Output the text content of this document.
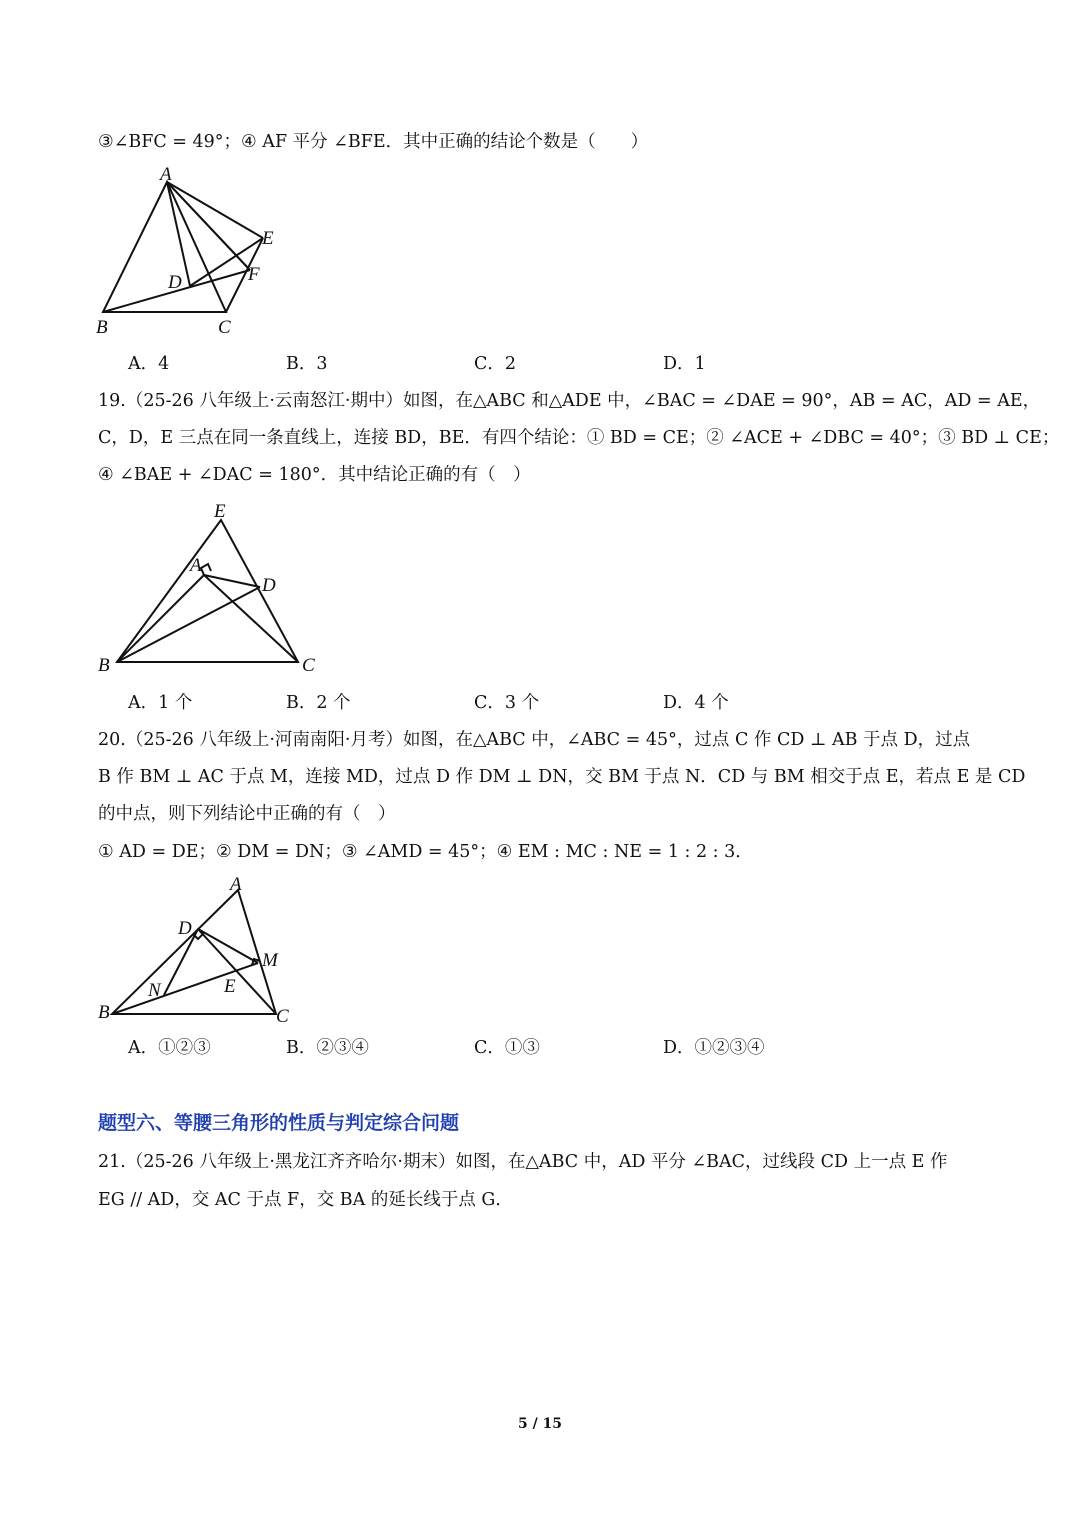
③∠BFC = 49°；④ AF 平分 ∠BFE．其中正确的结论个数是（　　）
A
B	C
D
E
F
A．4	B．3	C．2	D．1
19.（25-26 八年级上·云南怒江·期中）如图，在△ABC 和△ADE 中，∠BAC = ∠DAE = 90°，AB = AC，AD = AE，
C，D，E 三点在同一条直线上，连接 BD，BE．有四个结论：① BD = CE；② ∠ACE + ∠DBC = 40°；③ BD ⊥ CE；
④ ∠BAE + ∠DAC = 180°．其中结论正确的有（　）
E
A
D
B	C
A．1 个	B．2 个	C．3 个	D．4 个
20.（25-26 八年级上·河南南阳·月考）如图，在△ABC 中，∠ABC = 45°，过点 C 作 CD ⊥ AB 于点 D，过点
B 作 BM ⊥ AC 于点 M，连接 MD，过点 D 作 DM ⊥ DN，交 BM 于点 N．CD 与 BM 相交于点 E，若点 E 是 CD
的中点，则下列结论中正确的有（　）
① AD = DE；② DM = DN；③ ∠AMD = 45°；④ EM : MC : NE = 1 : 2 : 3．
A
D
M
N	E
B	C
A．①②③	B．②③④	C．①③	D．①②③④
题型六、等腰三角形的性质与判定综合问题
21.（25-26 八年级上·黑龙江齐齐哈尔·期末）如图，在△ABC 中，AD 平分 ∠BAC，过线段 CD 上一点 E 作
EG // AD，交 AC 于点 F，交 BA 的延长线于点 G．
5 / 15
